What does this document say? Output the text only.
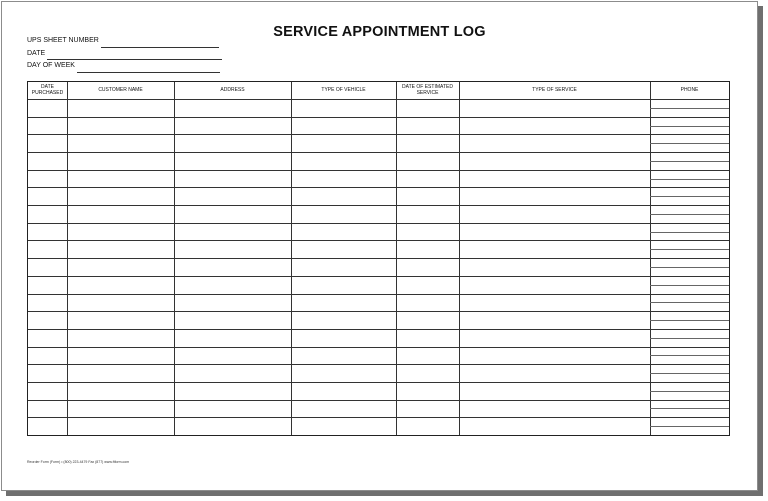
SERVICE APPOINTMENT LOG
UPS SHEET NUMBER
DATE
DAY OF WEEK
DATE PURCHASED	CUSTOMER NAME	ADDRESS	TYPE OF VEHICLE	DATE OF ESTIMATED SERVICE	TYPE OF SERVICE	PHONE
Reorder Form (Form) • (800) 223-4479 Fax (877) www.ftform.com
